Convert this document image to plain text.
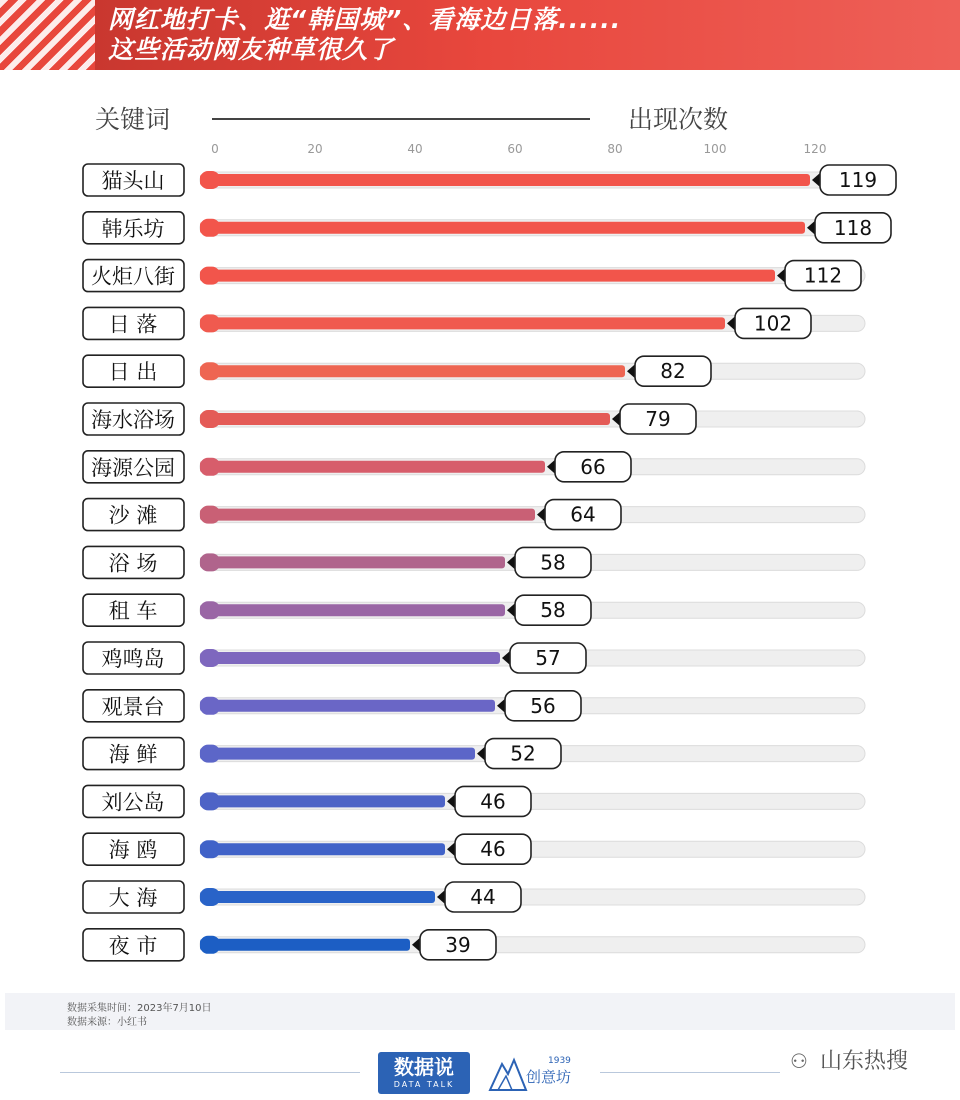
网红地打卡、逛“韩国城”、看海边日落......
这些活动网友种草很久了
关键词	出现次数
0	20	40	60	80	100	120
猫头山	119
韩乐坊	118
火炬八街	112
日 落	102
日 出	82
海水浴场	79
海源公园	66
沙 滩	64
浴 场	58
租 车	58
鸡鸣岛	57
观景台	56
海 鲜	52
刘公岛	46
海 鸥	46
大 海	44
夜 市	39
数据采集时间：2023年7月10日
数据来源：小红书
数据说
DATA TALK
1939
创意坊
⚇ 山东热搜
